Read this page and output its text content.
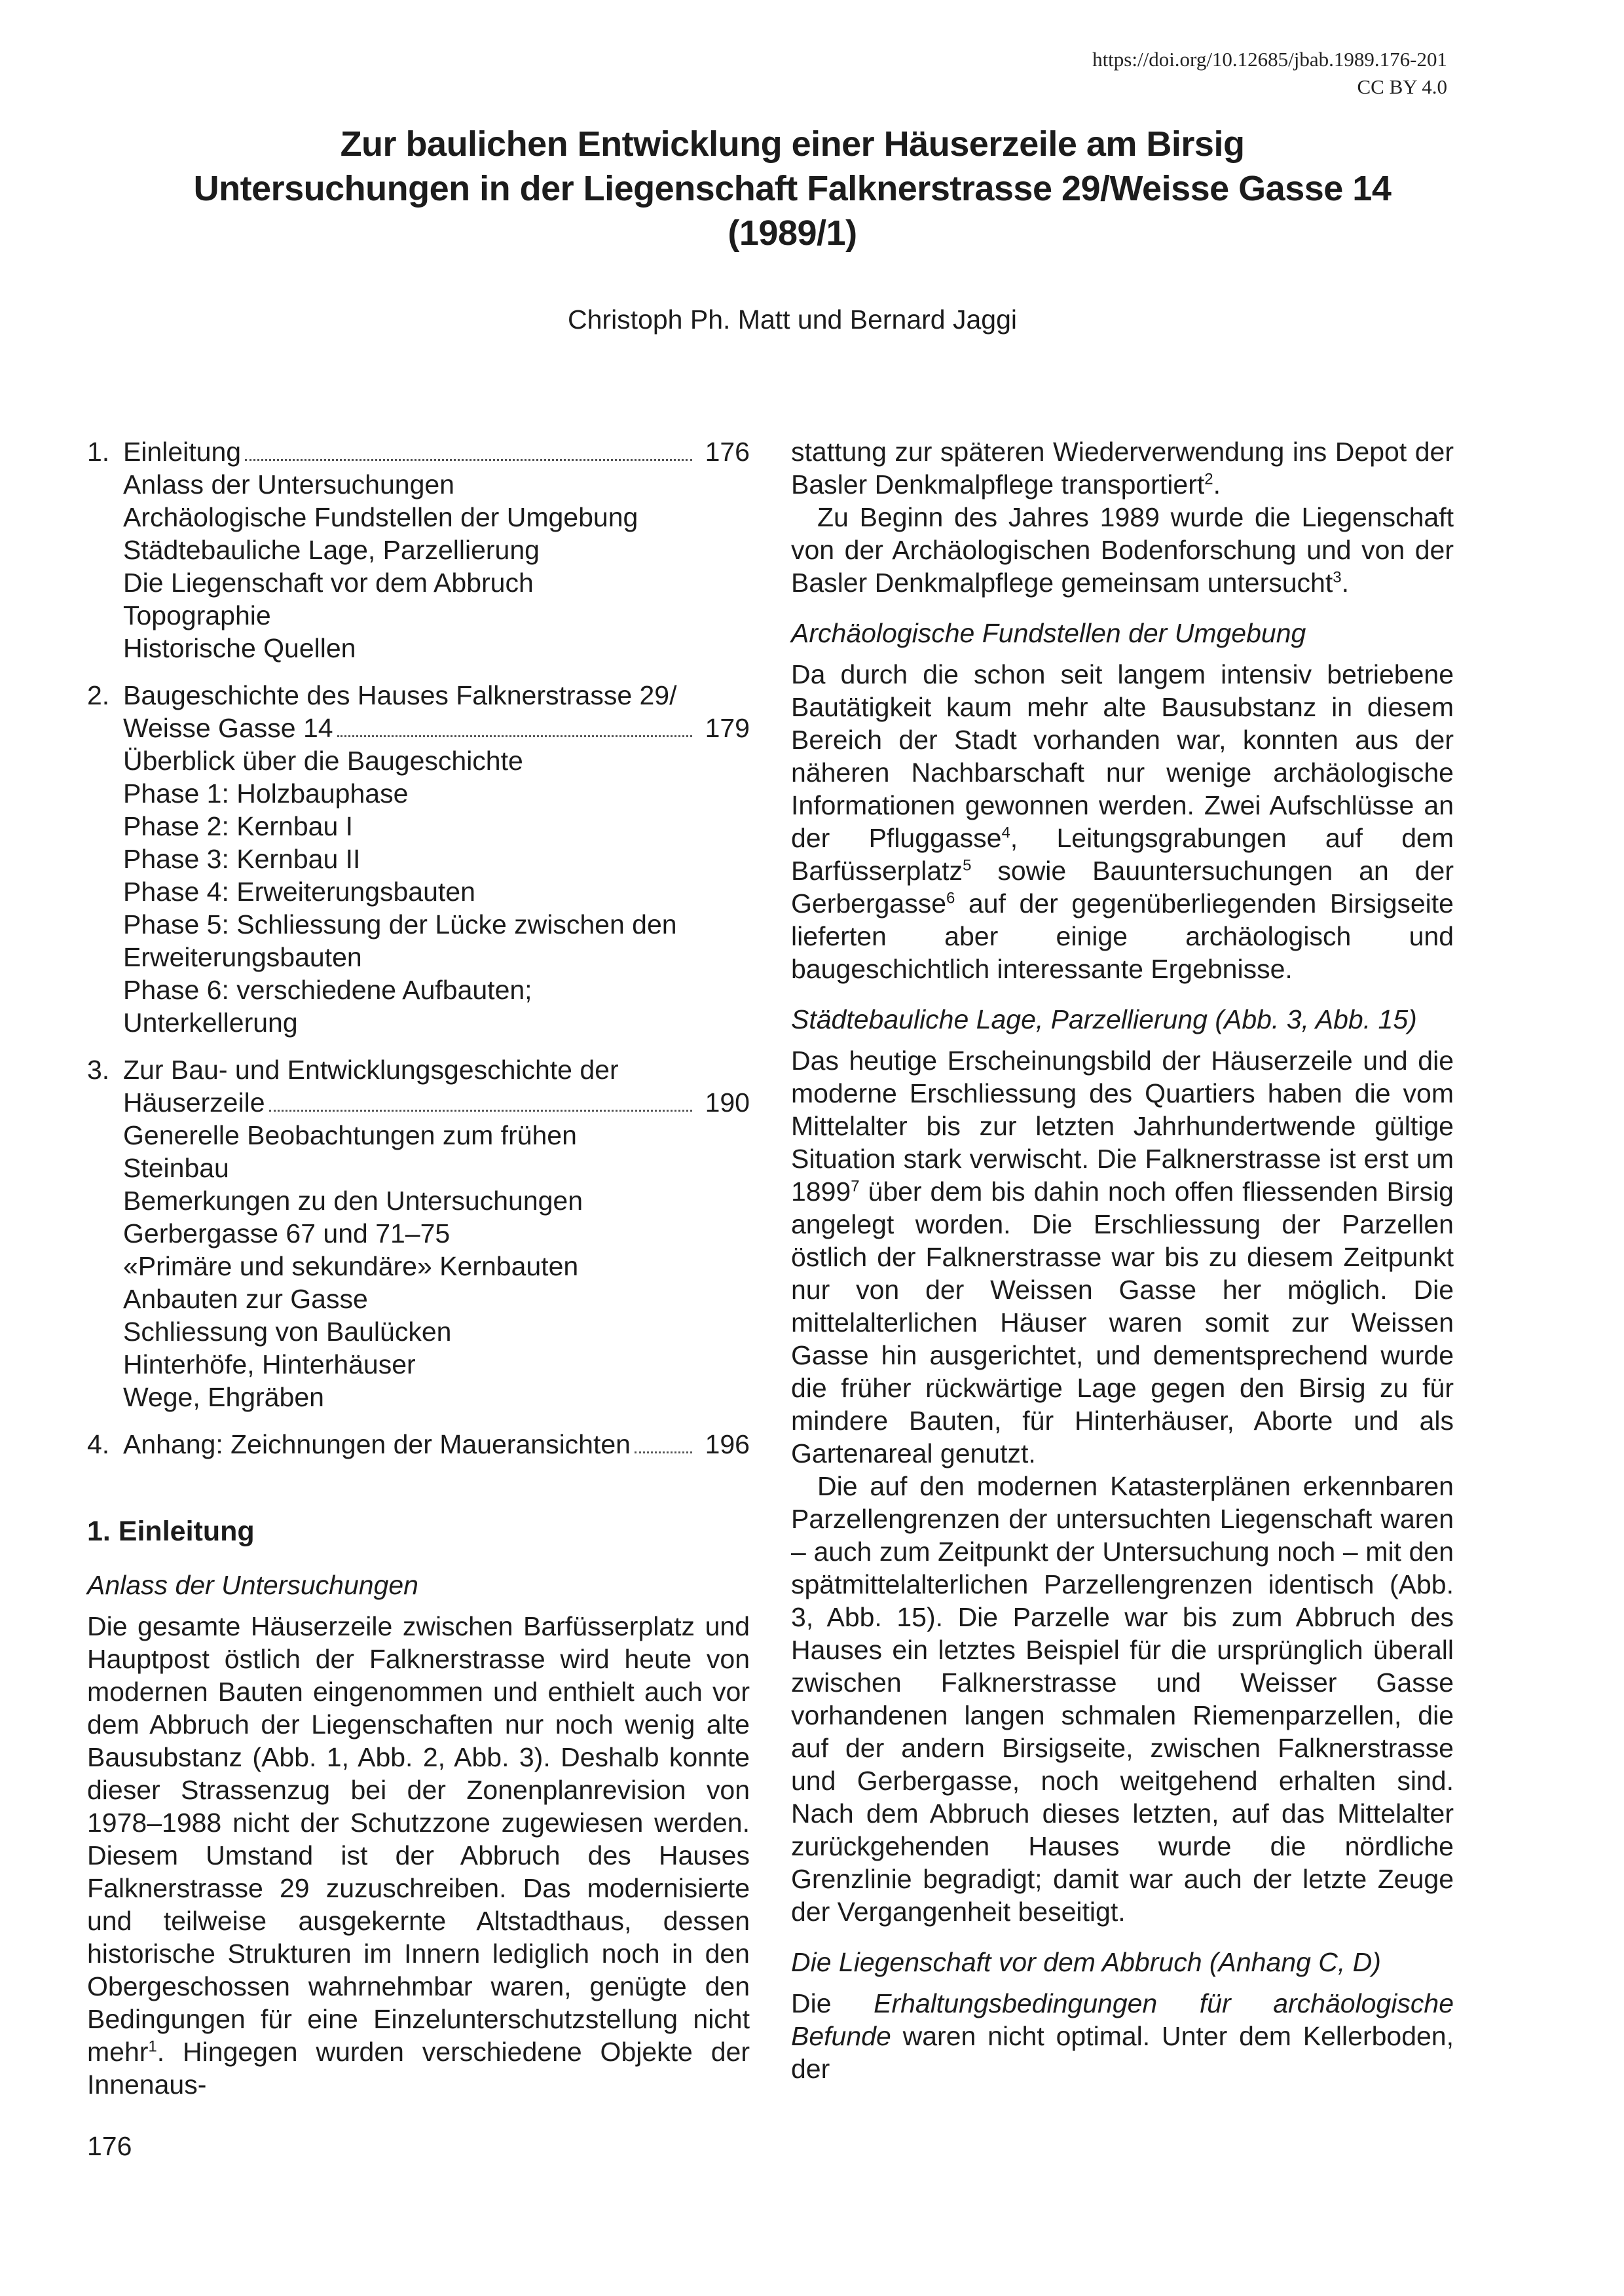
https://doi.org/10.12685/jbab.1989.176-201
CC BY 4.0
Zur baulichen Entwicklung einer Häuserzeile am Birsig
Untersuchungen in der Liegenschaft Falknerstrasse 29/Weisse Gasse 14
(1989/1)
Christoph Ph. Matt und Bernard Jaggi
1. Einleitung	176
Anlass der Untersuchungen
Archäologische Fundstellen der Umgebung
Städtebauliche Lage, Parzellierung
Die Liegenschaft vor dem Abbruch
Topographie
Historische Quellen
2. Baugeschichte des Hauses Falknerstrasse 29/
Weisse Gasse 14	179
Überblick über die Baugeschichte
Phase 1: Holzbauphase
Phase 2: Kernbau I
Phase 3: Kernbau II
Phase 4: Erweiterungsbauten
Phase 5: Schliessung der Lücke zwischen den
Erweiterungsbauten
Phase 6: verschiedene Aufbauten;
Unterkellerung
3. Zur Bau- und Entwicklungsgeschichte der
Häuserzeile	190
Generelle Beobachtungen zum frühen
Steinbau
Bemerkungen zu den Untersuchungen
Gerbergasse 67 und 71–75
«Primäre und sekundäre» Kernbauten
Anbauten zur Gasse
Schliessung von Baulücken
Hinterhöfe, Hinterhäuser
Wege, Ehgräben
4. Anhang: Zeichnungen der Maueransichten	196
1. Einleitung
Anlass der Untersuchungen

Die gesamte Häuserzeile zwischen Barfüsserplatz und Hauptpost östlich der Falknerstrasse wird heute von modernen Bauten eingenommen und enthielt auch vor dem Abbruch der Liegenschaften nur noch wenig alte Bausubstanz (Abb. 1, Abb. 2, Abb. 3). Deshalb konnte dieser Strassenzug bei der Zonenplanrevision von 1978–1988 nicht der Schutzzone zugewiesen werden. Diesem Umstand ist der Abbruch des Hauses Falknerstrasse 29 zuzuschreiben. Das modernisierte und teilweise ausgekernte Altstadthaus, dessen historische Strukturen im Innern lediglich noch in den Obergeschossen wahrnehmbar waren, genügte den Bedingungen für eine Einzelunterschutzstellung nicht mehr$^1$. Hingegen wurden verschiedene Objekte der Innenaus-

stattung zur späteren Wiederverwendung ins Depot der Basler Denkmalpflege transportiert$^2$.

Zu Beginn des Jahres 1989 wurde die Liegenschaft von der Archäologischen Bodenforschung und von der Basler Denkmalpflege gemeinsam untersucht$^3$.

Archäologische Fundstellen der Umgebung

Da durch die schon seit langem intensiv betriebene Bautätigkeit kaum mehr alte Bausubstanz in diesem Bereich der Stadt vorhanden war, konnten aus der näheren Nachbarschaft nur wenige archäologische Informationen gewonnen werden. Zwei Aufschlüsse an der Pfluggasse$^4$, Leitungsgrabungen auf dem Barfüsserplatz$^5$ sowie Bauuntersuchungen an der Gerbergasse$^6$ auf der gegenüberliegenden Birsigseite lieferten aber einige archäologisch und baugeschichtlich interessante Ergebnisse.

Städtebauliche Lage, Parzellierung (Abb. 3, Abb. 15)

Das heutige Erscheinungsbild der Häuserzeile und die moderne Erschliessung des Quartiers haben die vom Mittelalter bis zur letzten Jahrhundertwende gültige Situation stark verwischt. Die Falknerstrasse ist erst um 1899$^7$ über dem bis dahin noch offen fliessenden Birsig angelegt worden. Die Erschliessung der Parzellen östlich der Falknerstrasse war bis zu diesem Zeitpunkt nur von der Weissen Gasse her möglich. Die mittelalterlichen Häuser waren somit zur Weissen Gasse hin ausgerichtet, und dementsprechend wurde die früher rückwärtige Lage gegen den Birsig zu für mindere Bauten, für Hinterhäuser, Aborte und als Gartenareal genutzt.

Die auf den modernen Katasterplänen erkennbaren Parzellengrenzen der untersuchten Liegenschaft waren – auch zum Zeitpunkt der Untersuchung noch – mit den spätmittelalterlichen Parzellengrenzen identisch (Abb. 3, Abb. 15). Die Parzelle war bis zum Abbruch des Hauses ein letztes Beispiel für die ursprünglich überall zwischen Falknerstrasse und Weisser Gasse vorhandenen langen schmalen Riemenparzellen, die auf der andern Birsigseite, zwischen Falknerstrasse und Gerbergasse, noch weitgehend erhalten sind. Nach dem Abbruch dieses letzten, auf das Mittelalter zurückgehenden Hauses wurde die nördliche Grenzlinie begradigt; damit war auch der letzte Zeuge der Vergangenheit beseitigt.

Die Liegenschaft vor dem Abbruch (Anhang C, D)

Die Erhaltungsbedingungen für archäologische Befunde waren nicht optimal. Unter dem Kellerboden, der

176
